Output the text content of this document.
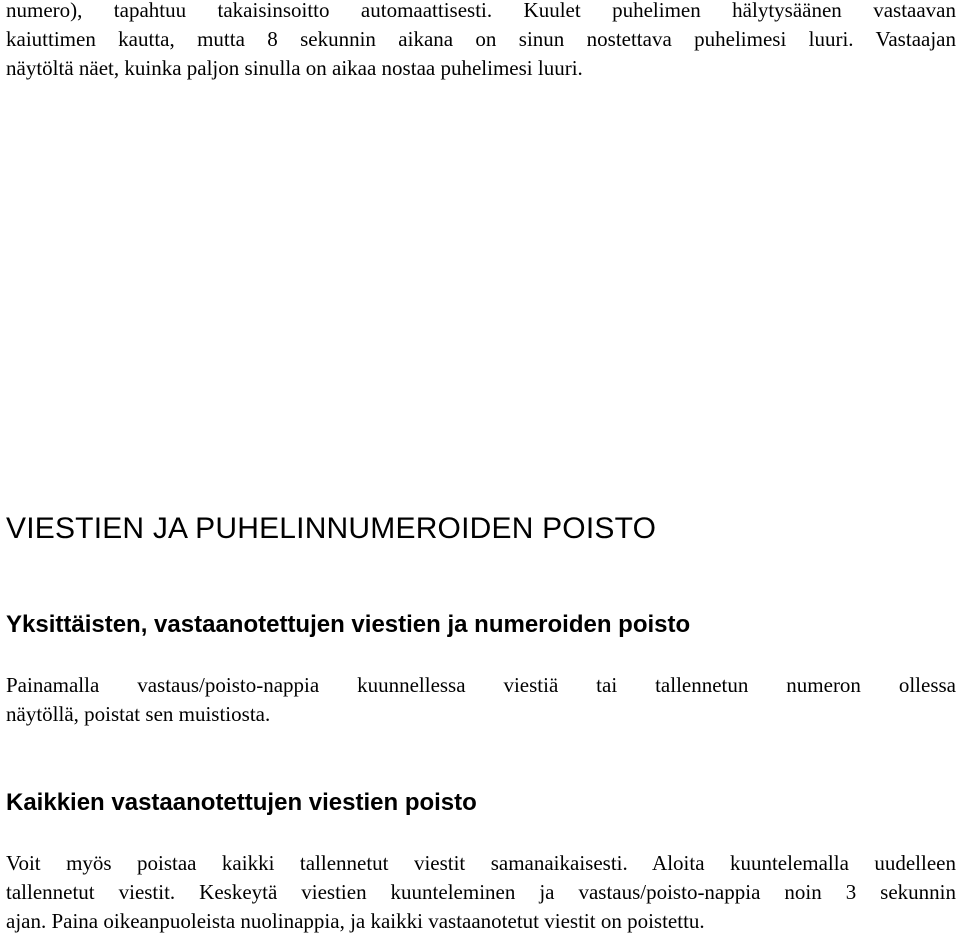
numero), tapahtuu takaisinsoitto automaattisesti. Kuulet puhelimen hälytysäänen vastaavan
kaiuttimen kautta, mutta 8 sekunnin aikana on sinun nostettava puhelimesi luuri. Vastaajan
näytöltä näet, kuinka paljon sinulla on aikaa nostaa puhelimesi luuri.
VIESTIEN JA PUHELINNUMEROIDEN POISTO
Yksittäisten, vastaanotettujen viestien ja numeroiden poisto
Painamalla vastaus/poisto-nappia kuunnellessa viestiä tai tallennetun numeron ollessa
näytöllä, poistat sen muistiosta.
Kaikkien vastaanotettujen viestien poisto
Voit myös poistaa kaikki tallennetut viestit samanaikaisesti. Aloita kuuntelemalla uudelleen
tallennetut viestit. Keskeytä viestien kuunteleminen ja vastaus/poisto-nappia noin 3 sekunnin
ajan. Paina oikeanpuoleista nuolinappia, ja kaikki vastaanotetut viestit on poistettu.
